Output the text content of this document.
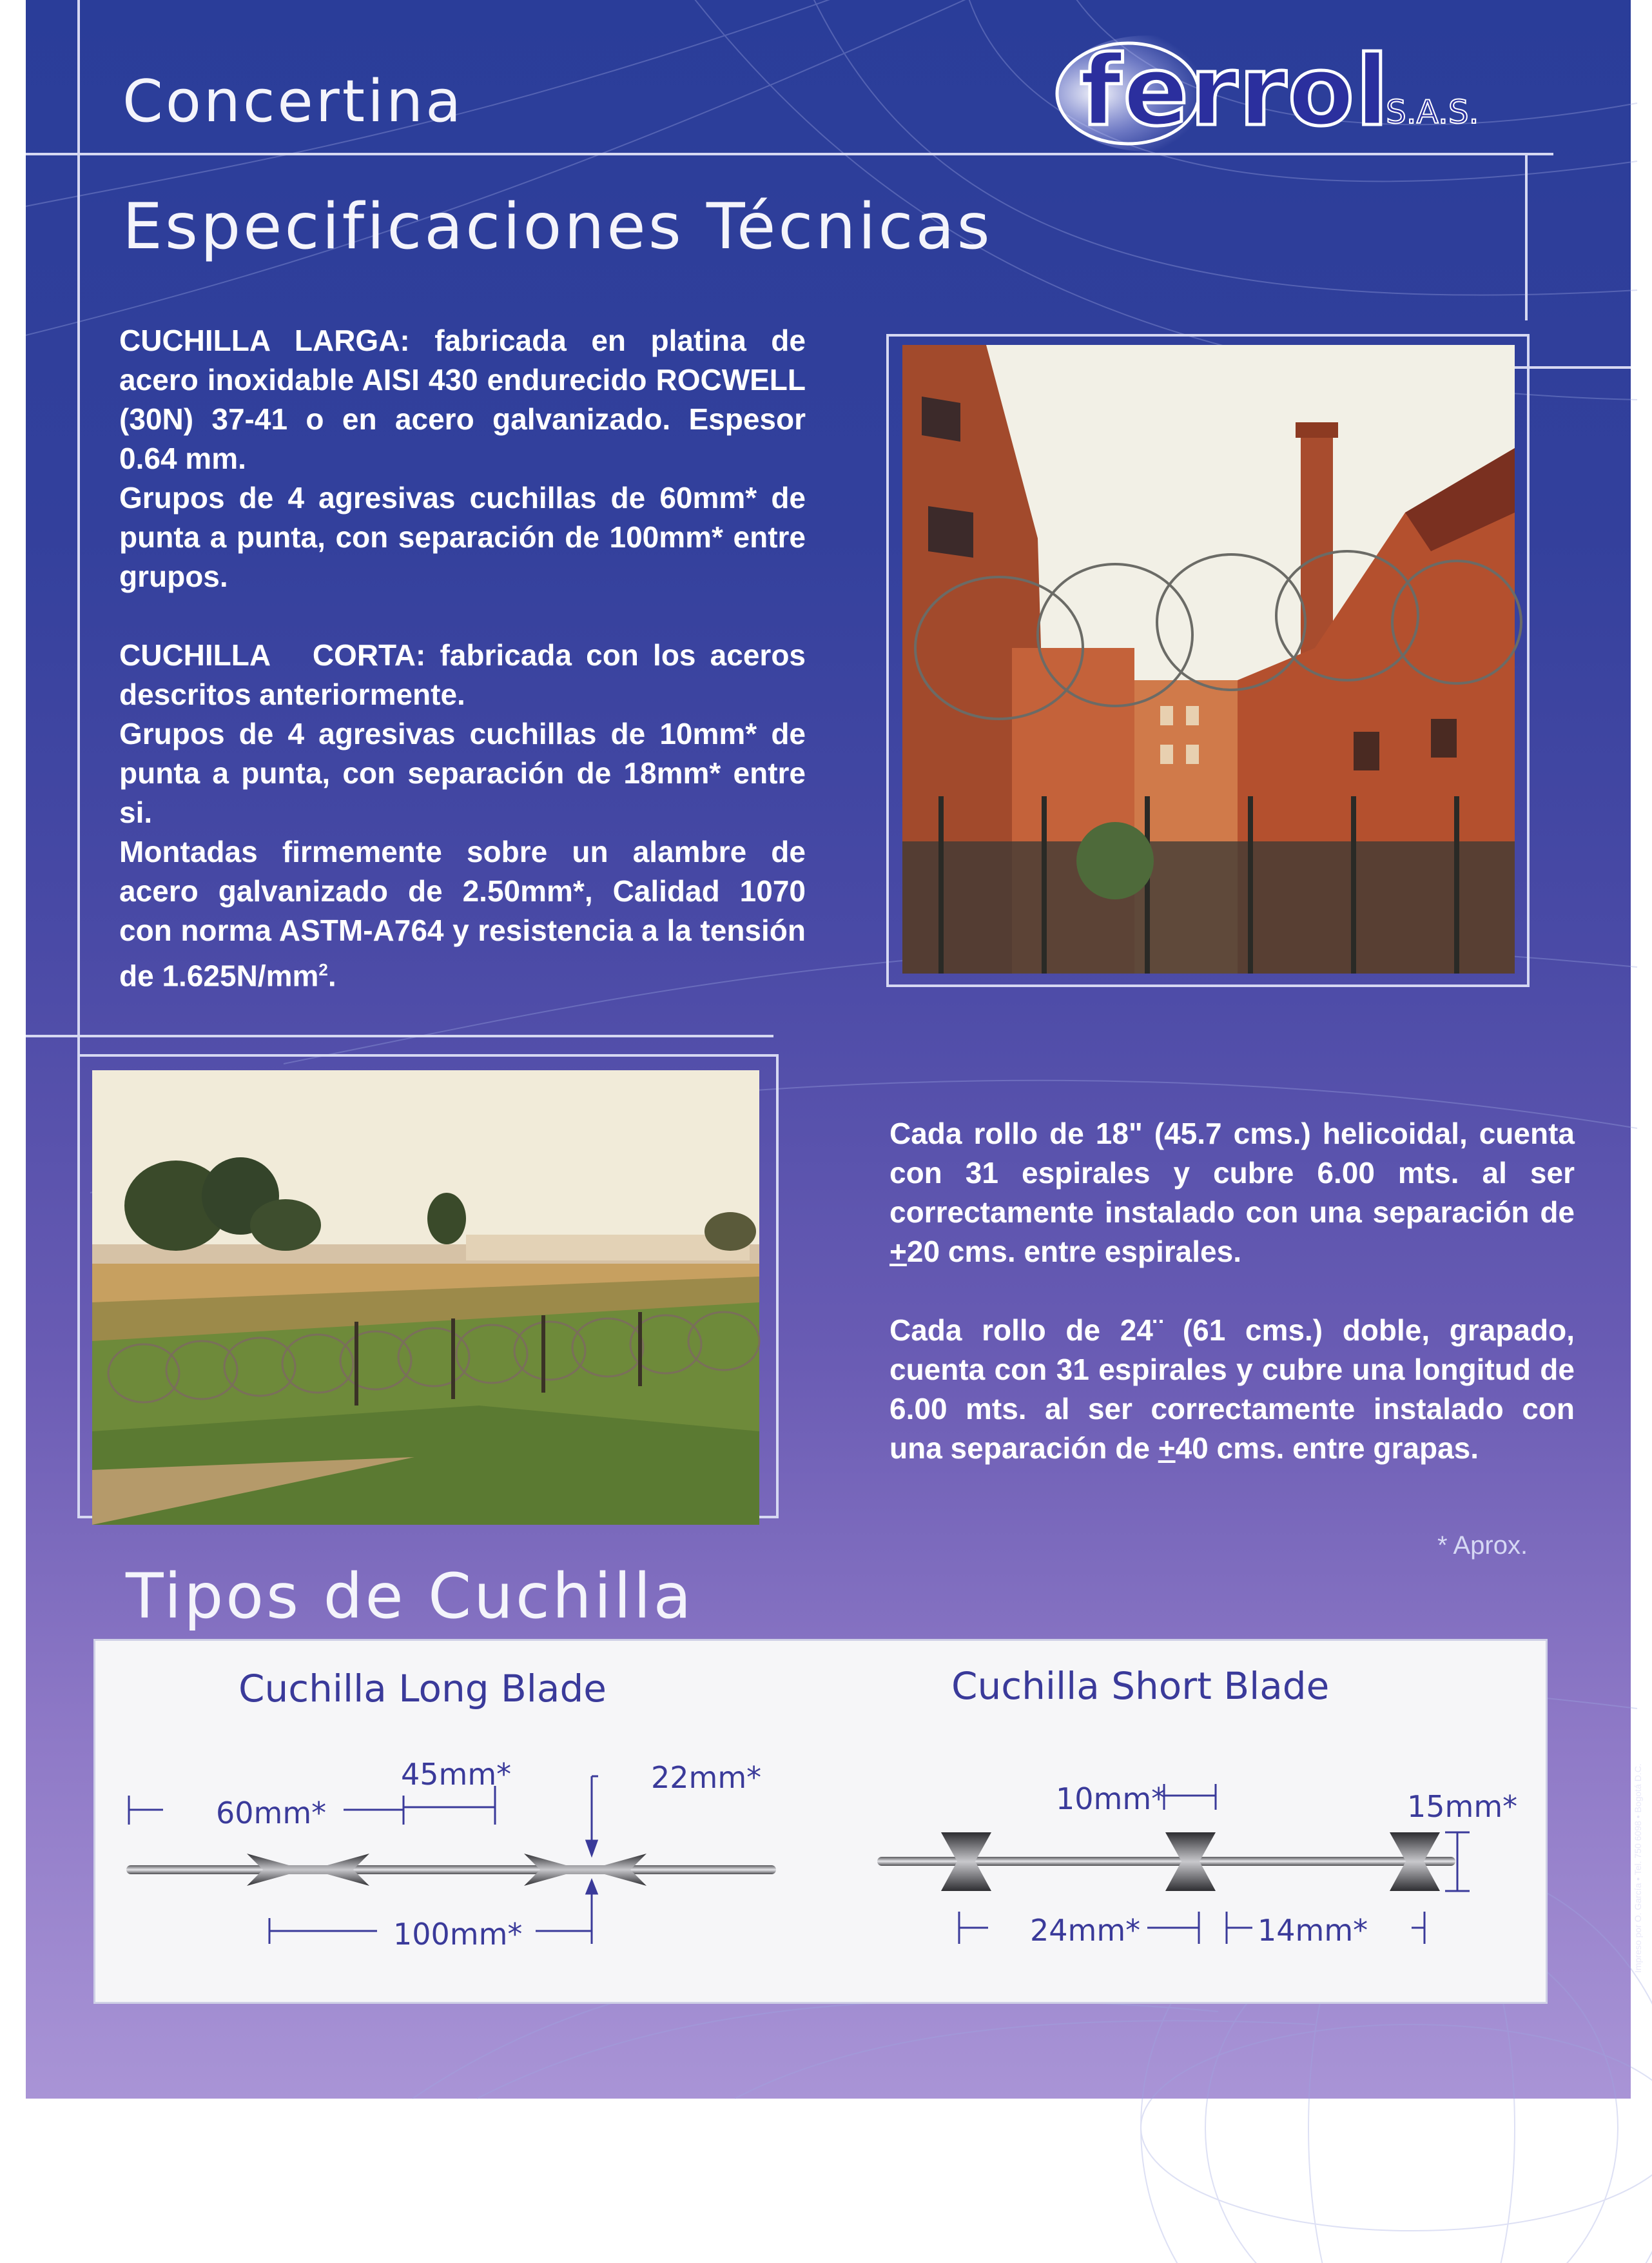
Concertina	ferrol
S.A.S.
Especificaciones Técnicas

CUCHILLA LARGA: fabricada en platina de acero inoxidable AISI 430 endurecido ROCWELL (30N) 37-41 o en acero galvanizado. Espesor 0.64 mm.

Grupos de 4 agresivas cuchillas de 60mm* de punta a punta, con separación de 100mm* entre grupos.

CUCHILLA   CORTA: fabricada con los aceros descritos anteriormente.

Grupos de 4 agresivas cuchillas de 10mm* de punta a punta, con separación de 18mm* entre si.

Montadas firmemente sobre un alambre de acero galvanizado de 2.50mm*, Calidad 1070 con norma ASTM-A764 y resistencia a la tensión de $1.625N/mm^2$.

Cada rollo de 18" (45.7 cms.) helicoidal, cuenta con 31 espirales y cubre 6.00 mts. al ser correctamente instalado con una separación de +20 cms. entre espirales.

Cada rollo de 24¨ (61 cms.) doble, grapado, cuenta con 31 espirales y cubre una longitud de 6.00 mts. al ser correctamente instalado con una separación de +40 cms. entre grapas.

* Aprox.
Tipos de Cuchilla
Impreso por O. García • Tel. 750 6098 • Bogotá D.C.
Cuchilla Long Blade	Cuchilla Short Blade
60mm*
45mm*	22mm*
100mm*
10mm*	15mm*
24mm*	14mm*
